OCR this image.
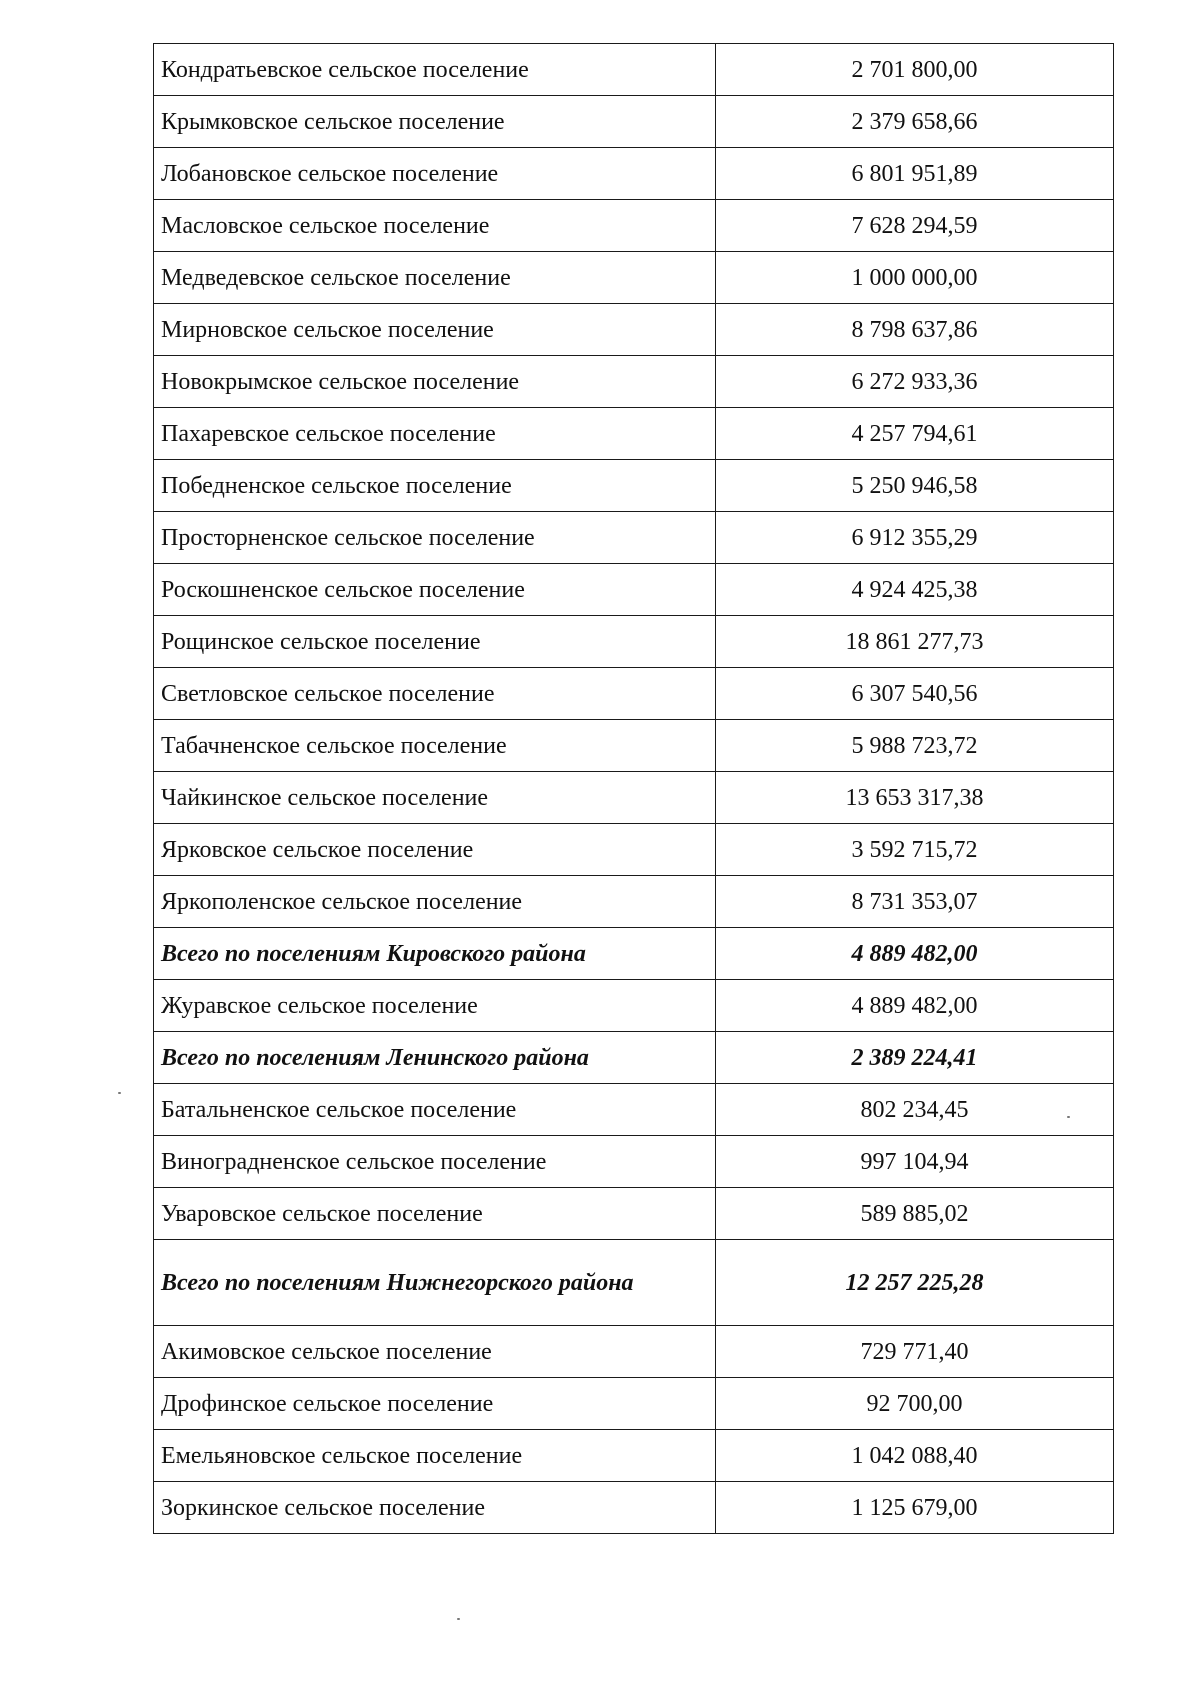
Кондратьевское сельское поселение	2 701 800,00
Крымковское сельское поселение	2 379 658,66
Лобановское сельское поселение	6 801 951,89
Масловское сельское поселение	7 628 294,59
Медведевское сельское поселение	1 000 000,00
Мирновское сельское поселение	8 798 637,86
Новокрымское сельское поселение	6 272 933,36
Пахаревское сельское поселение	4 257 794,61
Победненское сельское поселение	5 250 946,58
Просторненское сельское поселение	6 912 355,29
Роскошненское сельское поселение	4 924 425,38
Рощинское сельское поселение	18 861 277,73
Светловское сельское поселение	6 307 540,56
Табачненское сельское поселение	5 988 723,72
Чайкинское сельское поселение	13 653 317,38
Ярковское сельское поселение	3 592 715,72
Яркополенское сельское поселение	8 731 353,07
Всего по поселениям Кировского района	4 889 482,00
Журавское сельское поселение	4 889 482,00
Всего по поселениям Ленинского района	2 389 224,41
Батальненское сельское поселение	802 234,45
Виноградненское сельское поселение	997 104,94
Уваровское сельское поселение	589 885,02
Всего по поселениям Нижнегорского района	12 257 225,28
Акимовское сельское поселение	729 771,40
Дрофинское сельское поселение	92 700,00
Емельяновское сельское поселение	1 042 088,40
Зоркинское сельское поселение	1 125 679,00
